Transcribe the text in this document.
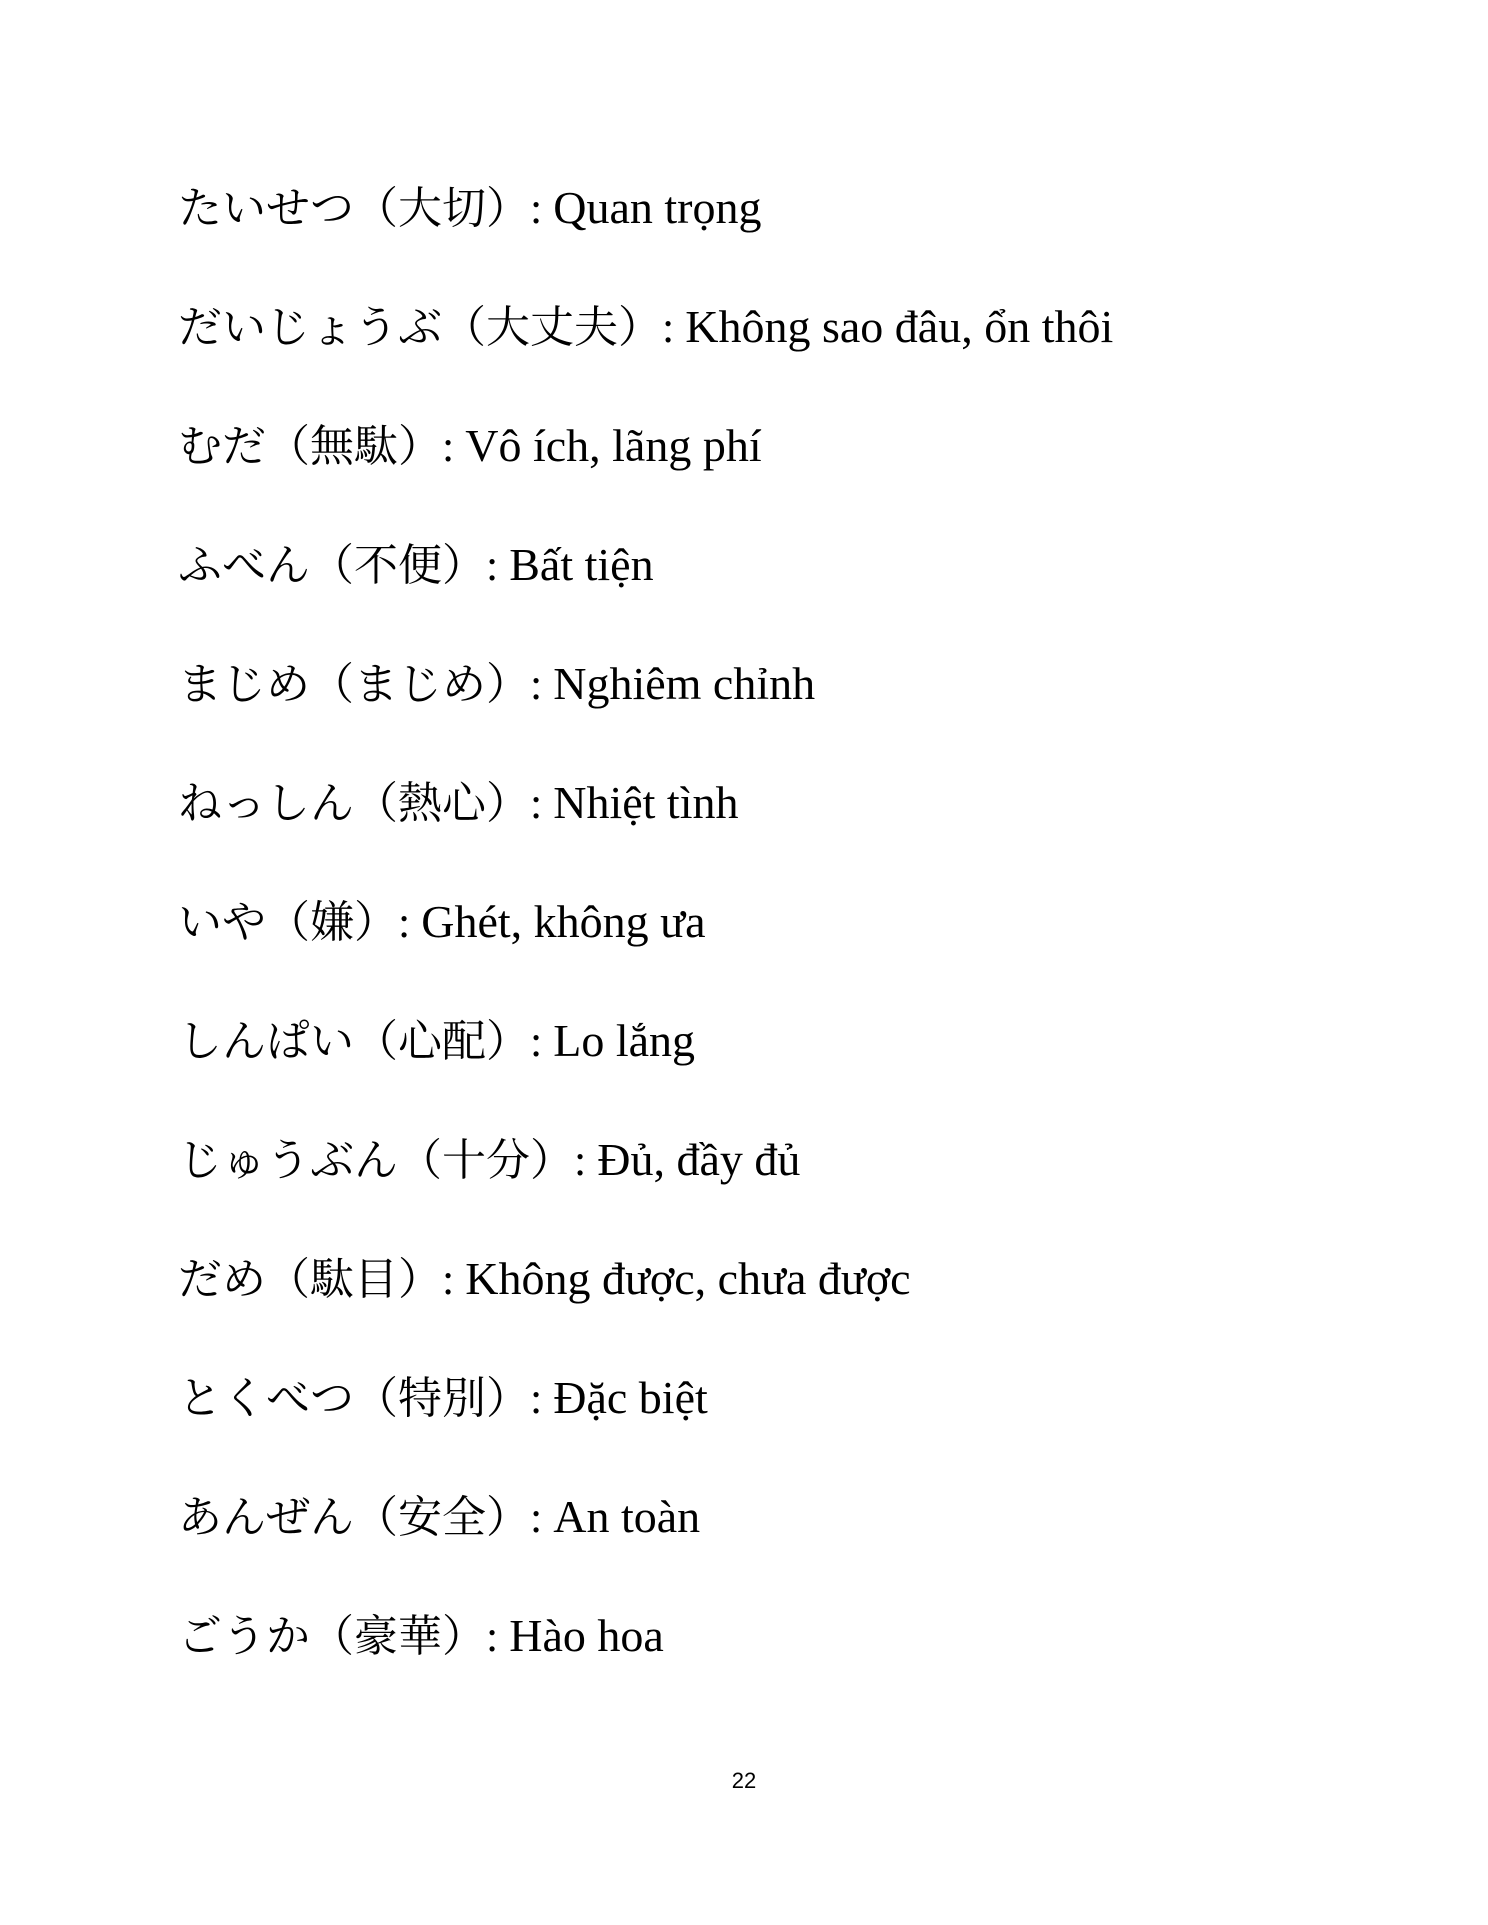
たいせつ（大切）: Quan trọng
だいじょうぶ（大丈夫）: Không sao đâu, ổn thôi
むだ（無駄）: Vô ích, lãng phí
ふべん（不便）: Bất tiện
まじめ（まじめ）: Nghiêm chỉnh
ねっしん（熱心）: Nhiệt tình
いや（嫌）: Ghét, không ưa
しんぱい（心配）: Lo lắng
じゅうぶん（十分）: Đủ, đầy đủ
だめ（駄目）: Không được, chưa được
とくべつ（特別）: Đặc biệt
あんぜん（安全）: An toàn
ごうか（豪華）: Hào hoa
22
